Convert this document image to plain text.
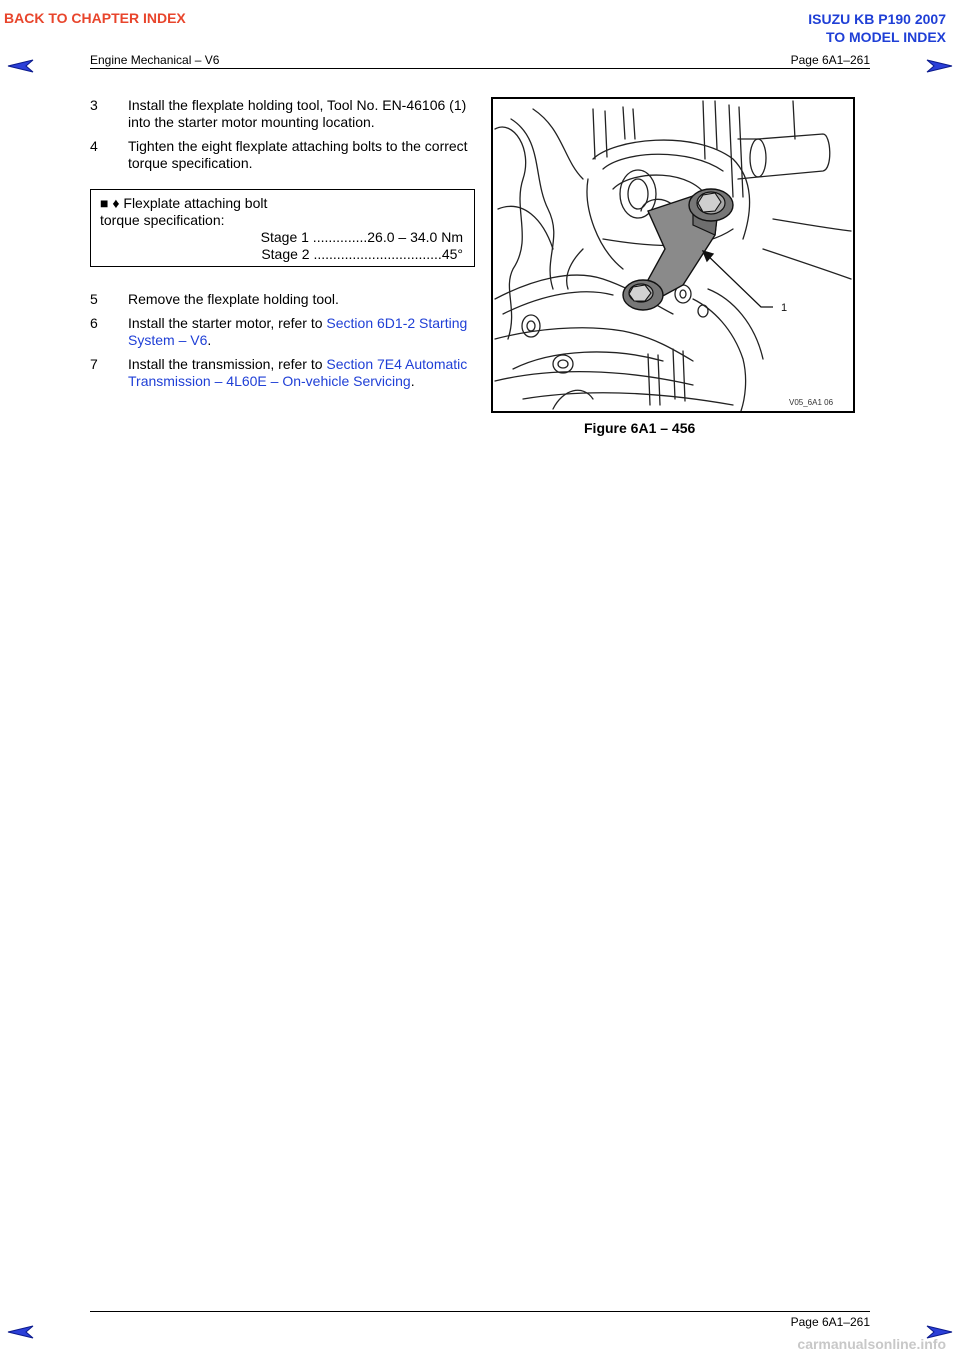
BACK TO CHAPTER INDEX	ISUZU KB P190 2007
TO MODEL INDEX
Engine Mechanical – V6	Page 6A1–261
3	Install the flexplate holding tool, Tool No. EN-46106 (1) into the starter motor mounting location.
4	Tighten the eight flexplate attaching bolts to the correct torque specification.
■ ♦ Flexplate attaching bolt
torque specification:
Stage 1 ..............26.0 – 34.0 Nm
Stage 2 .................................45°
5	Remove the flexplate holding tool.
6	Install the starter motor, refer to Section 6D1-2 Starting System – V6.
7	Install the transmission, refer to Section 7E4 Automatic Transmission – 4L60E – On-vehicle Servicing.
1
V05_6A1 06
Figure 6A1 – 456
Page 6A1–261
carmanualsonline.info
